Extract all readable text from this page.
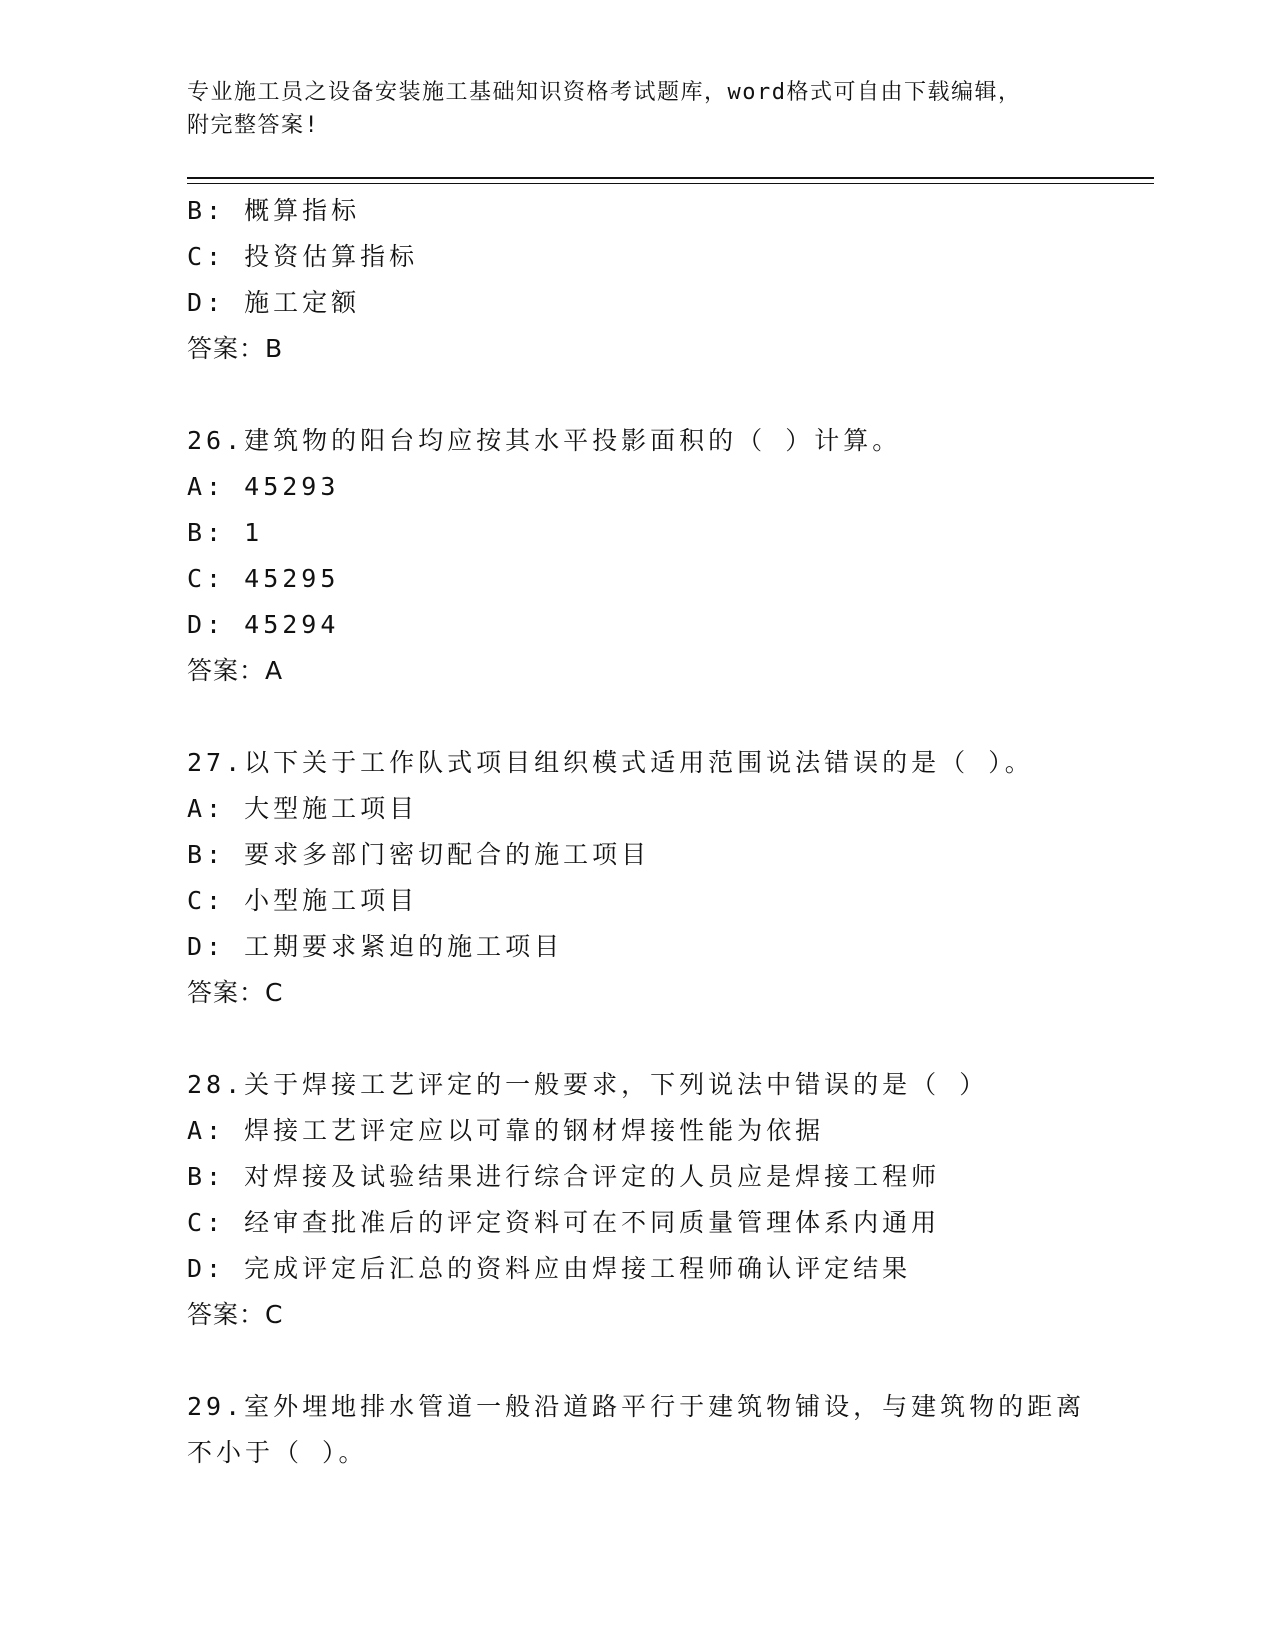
专业施工员之设备安装施工基础知识资格考试题库，word格式可自由下载编辑，
附完整答案!
B: 概算指标
C: 投资估算指标
D: 施工定额
答案：B
26.建筑物的阳台均应按其水平投影面积的（ ）计算。
A: 45293
B: 1
C: 45295
D: 45294
答案：A
27.以下关于工作队式项目组织模式适用范围说法错误的是（ ）。
A: 大型施工项目
B: 要求多部门密切配合的施工项目
C: 小型施工项目
D: 工期要求紧迫的施工项目
答案：C
28.关于焊接工艺评定的一般要求，下列说法中错误的是（ ）
A: 焊接工艺评定应以可靠的钢材焊接性能为依据
B: 对焊接及试验结果进行综合评定的人员应是焊接工程师
C: 经审查批准后的评定资料可在不同质量管理体系内通用
D: 完成评定后汇总的资料应由焊接工程师确认评定结果
答案：C
29.室外埋地排水管道一般沿道路平行于建筑物铺设，与建筑物的距离
不小于（ ）。
